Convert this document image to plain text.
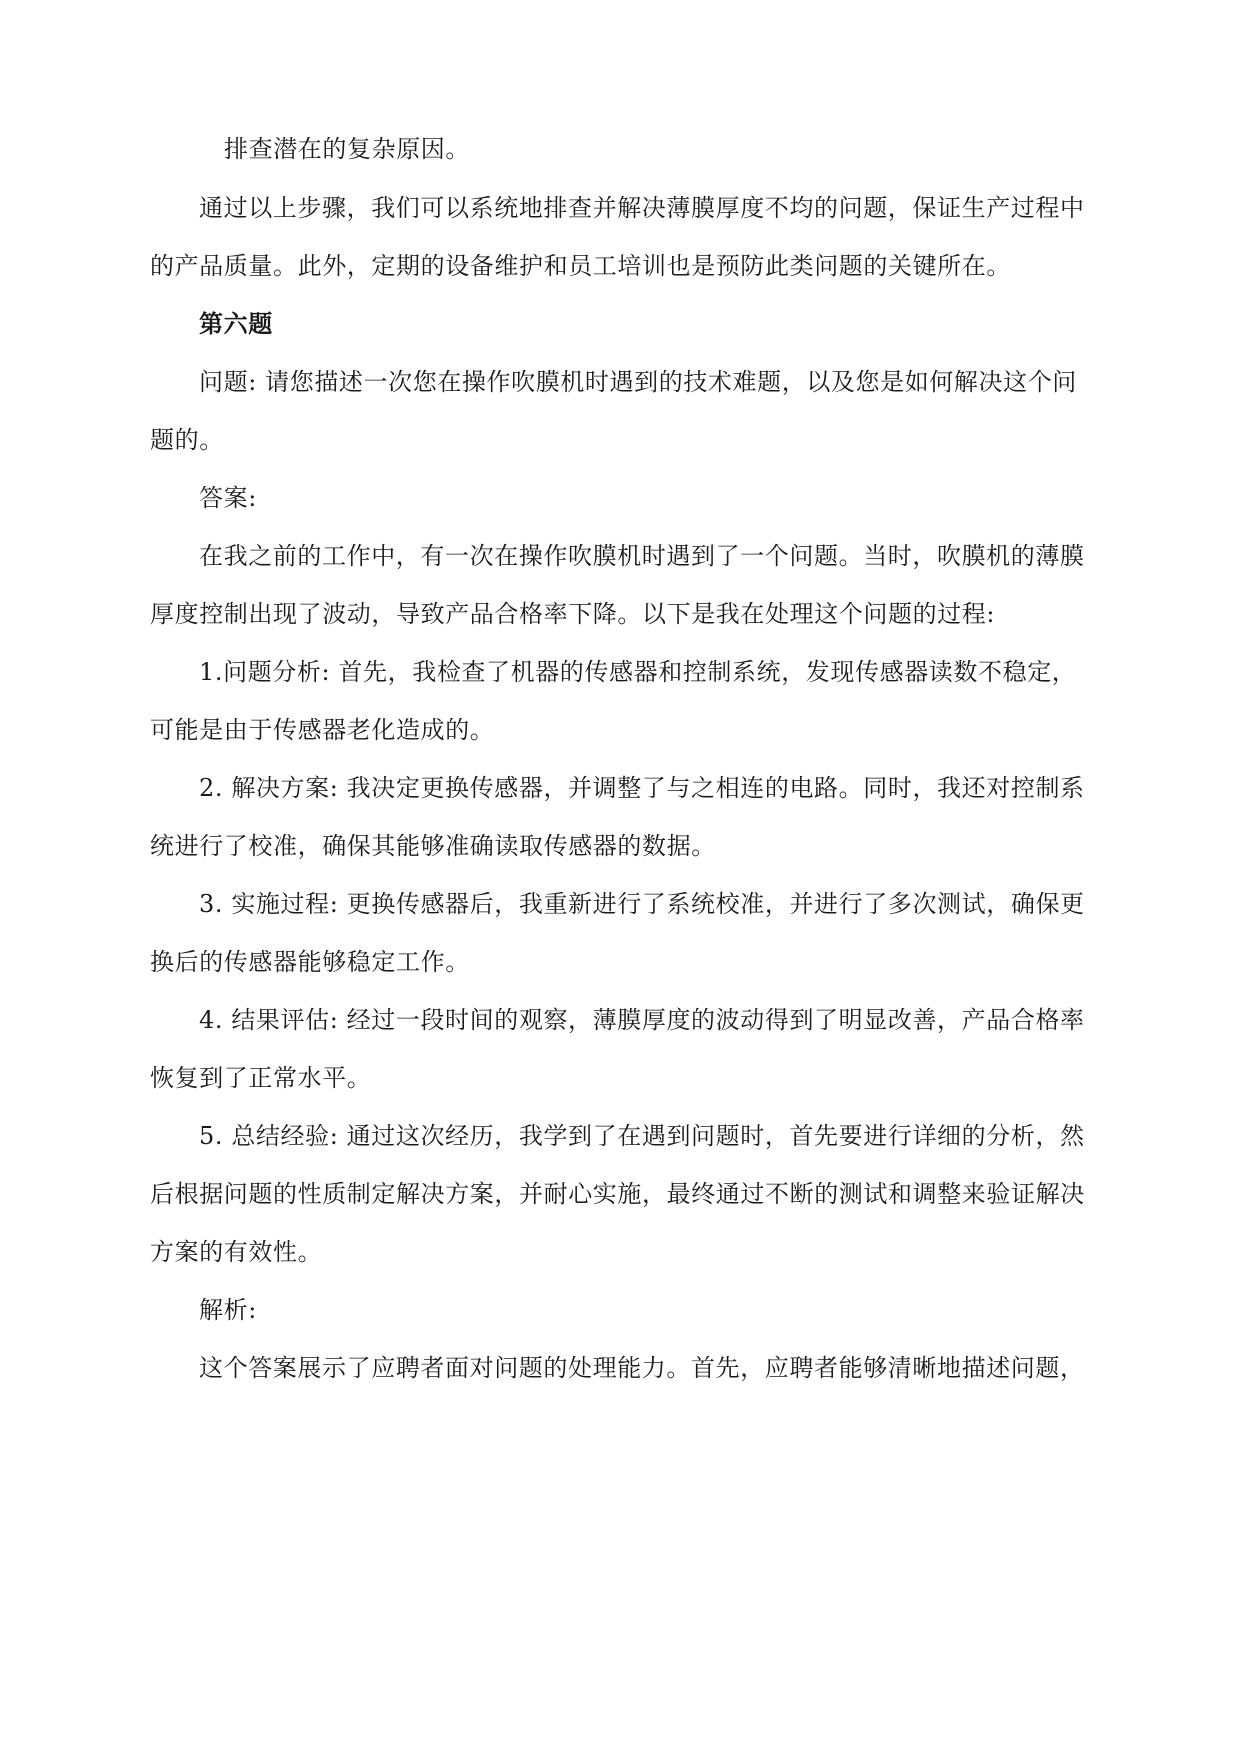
排查潜在的复杂原因。
通过以上步骤，我们可以系统地排查并解决薄膜厚度不均的问题，保证生产过程中
的产品质量。此外，定期的设备维护和员工培训也是预防此类问题的关键所在。
第六题
问题: 请您描述一次您在操作吹膜机时遇到的技术难题，以及您是如何解决这个问
题的。
答案:
在我之前的工作中，有一次在操作吹膜机时遇到了一个问题。当时，吹膜机的薄膜
厚度控制出现了波动，导致产品合格率下降。以下是我在处理这个问题的过程:
1.问题分析: 首先，我检查了机器的传感器和控制系统，发现传感器读数不稳定，
可能是由于传感器老化造成的。
2. 解决方案: 我决定更换传感器，并调整了与之相连的电路。同时，我还对控制系
统进行了校准，确保其能够准确读取传感器的数据。
3. 实施过程: 更换传感器后，我重新进行了系统校准，并进行了多次测试，确保更
换后的传感器能够稳定工作。
4. 结果评估: 经过一段时间的观察，薄膜厚度的波动得到了明显改善，产品合格率
恢复到了正常水平。
5. 总结经验: 通过这次经历，我学到了在遇到问题时，首先要进行详细的分析，然
后根据问题的性质制定解决方案，并耐心实施，最终通过不断的测试和调整来验证解决
方案的有效性。
解析:
这个答案展示了应聘者面对问题的处理能力。首先，应聘者能够清晰地描述问题，
